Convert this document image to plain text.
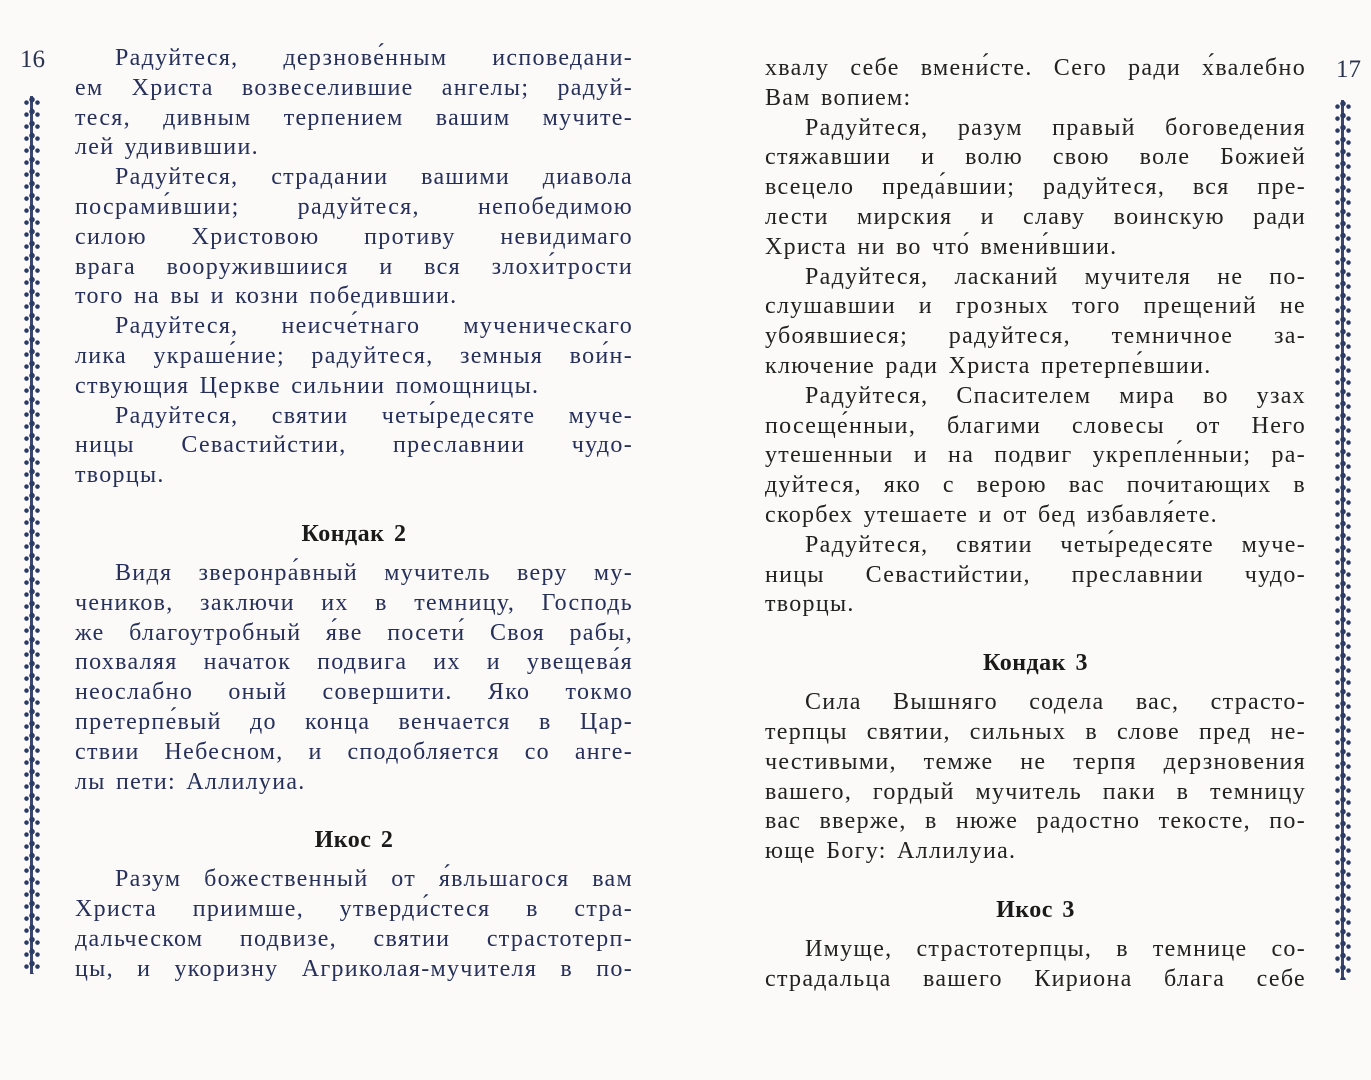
16	17
Радуйтеся, дерзнове́нным исповедани-
ем Христа возвеселившие ангелы; радуй-
теся, дивным терпением вашим мучите-
лей удивившии.
Радуйтеся, страдании вашими диавола
посрами́вшии; радуйтеся, непобедимою
силою Христовою противу невидимаго
врага вооружившиися и вся злохи́трости
того на вы и козни победившии.
Радуйтеся, неисче́тнаго мученическаго
лика украше́ние; радуйтеся, земныя вои́н-
ствующия Церкве сильнии помощницы.
Радуйтеся, святии четы́редесяте муче-
ницы Севастийстии, преславнии чудо-
творцы.
Кондак 2
Видя зверонра́вный мучитель веру му-
чеников, заключи их в темницу, Господь
же благоутробный я́ве посети́ Своя рабы,
похваляя начаток подвига их и увещева́я
неослабно оный совершити. Яко токмо
претерпе́вый до конца венчается в Цар-
ствии Небесном, и сподобляется со анге-
лы пети: Аллилуиа.
Икос 2
Разум божественный от я́вльшагося вам
Христа приимше, утверди́стеся в стра-
дальческом подвизе, святии страстотерп-
цы, и укоризну Агриколая-мучителя в по-
хвалу себе вмени́сте. Сего ради х́валебно
Вам вопием:
Радуйтеся, разум правый боговедения
стяжавшии и волю свою воле Божией
всецело преда́вшии; радуйтеся, вся пре-
лести мирския и славу воинскую ради
Христа ни во что́ вмени́вшии.
Радуйтеся, ласканий мучителя не по-
слушавшии и грозных того прещений не
убоявшиеся; радуйтеся, темничное за-
ключение ради Христа претерпе́вшии.
Радуйтеся, Спасителем мира во узах
посеще́нныи, благими словесы от Него
утешенныи и на подвиг укрепле́нныи; ра-
дуйтеся, яко с верою вас почитающих в
скорбех утешаете и от бед избавля́ете.
Радуйтеся, святии четы́редесяте муче-
ницы Севастийстии, преславнии чудо-
творцы.
Кондак 3
Сила Вышняго содела вас, страсто-
терпцы святии, сильных в слове пред не-
честивыми, темже не терпя дерзновения
вашего, гордый мучитель паки в темницу
вас вверже, в нюже радостно текосте, по-
юще Богу: Аллилуиа.
Икос 3
Имуще, страстотерпцы, в темнице со-
страдальца вашего Кириона блага себе
